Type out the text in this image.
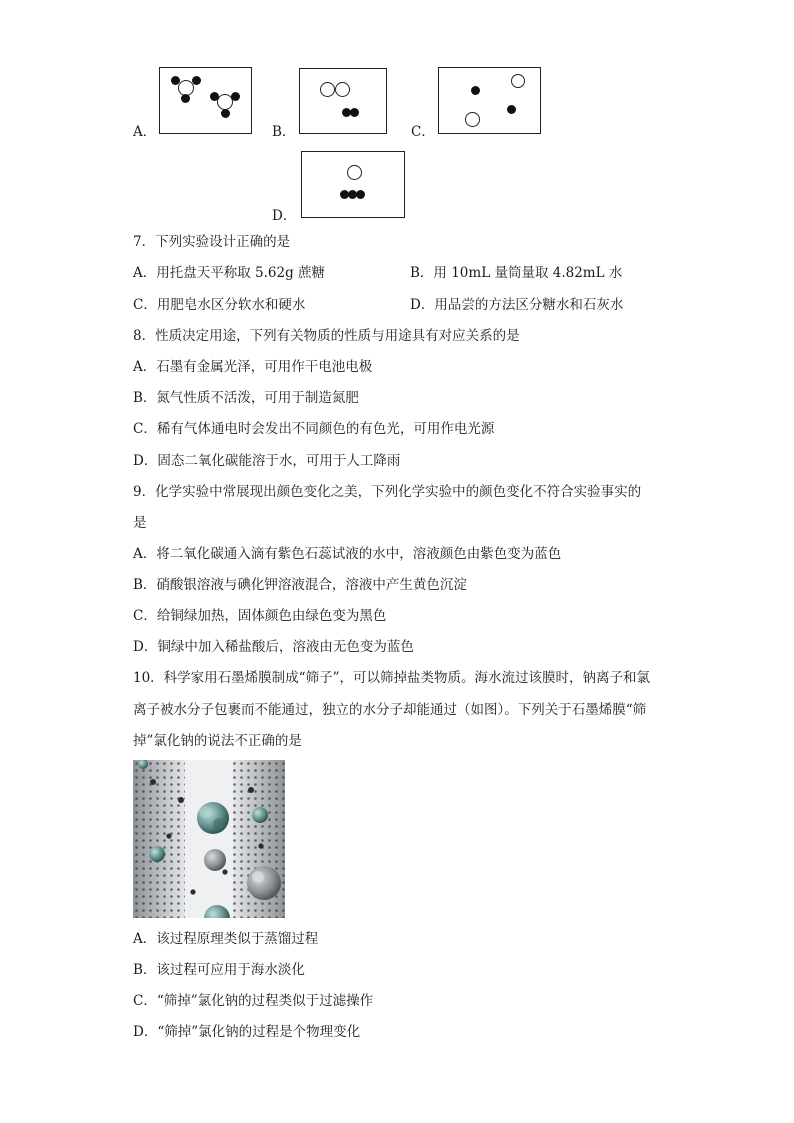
A．	B．	C．
D．
7．下列实验设计正确的是
A．用托盘天平称取 5.62g 蔗糖	B．用 10mL 量筒量取 4.82mL 水
C．用肥皂水区分软水和硬水	D．用品尝的方法区分糖水和石灰水
8．性质决定用途，下列有关物质的性质与用途具有对应关系的是
A．石墨有金属光泽，可用作干电池电极
B．氮气性质不活泼，可用于制造氮肥
C．稀有气体通电时会发出不同颜色的有色光，可用作电光源
D．固态二氧化碳能溶于水，可用于人工降雨
9．化学实验中常展现出颜色变化之美，下列化学实验中的颜色变化不符合实验事实的
是
A．将二氧化碳通入滴有紫色石蕊试液的水中，溶液颜色由紫色变为蓝色
B．硝酸银溶液与碘化钾溶液混合，溶液中产生黄色沉淀
C．给铜绿加热，固体颜色由绿色变为黑色
D．铜绿中加入稀盐酸后，溶液由无色变为蓝色
10．科学家用石墨烯膜制成“筛子”，可以筛掉盐类物质。海水流过该膜时，钠离子和氯
离子被水分子包裹而不能通过，独立的水分子却能通过（如图）。下列关于石墨烯膜“筛
掉”氯化钠的说法不正确的是
A．该过程原理类似于蒸馏过程
B．该过程可应用于海水淡化
C．“筛掉”氯化钠的过程类似于过滤操作
D．“筛掉”氯化钠的过程是个物理变化
